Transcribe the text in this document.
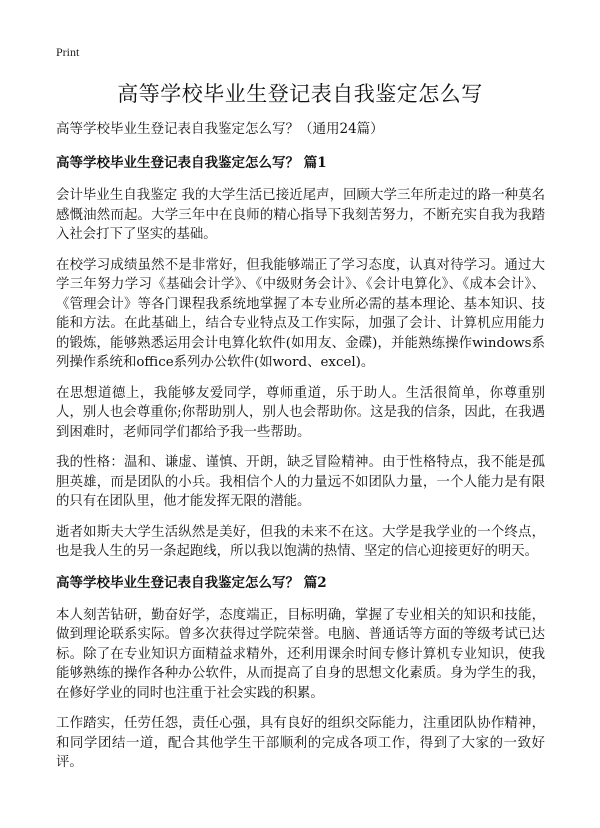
Print
高等学校毕业生登记表自我鉴定怎么写

高等学校毕业生登记表自我鉴定怎么写？（通用24篇）

高等学校毕业生登记表自我鉴定怎么写？ 篇1

会计毕业生自我鉴定 我的大学生活已接近尾声，回顾大学三年所走过的路一种莫名感慨油然而起。大学三年中在良师的精心指导下我刻苦努力，不断充实自我为我踏入社会打下了坚实的基础。

在校学习成绩虽然不是非常好，但我能够端正了学习态度，认真对待学习。通过大学三年努力学习《基础会计学》、《中级财务会计》、《会计电算化》、《成本会计》、《管理会计》等各门课程我系统地掌握了本专业所必需的基本理论、基本知识、技能和方法。在此基础上，结合专业特点及工作实际，加强了会计、计算机应用能力的锻炼，能够熟悉运用会计电算化软件(如用友、金碟)，并能熟练操作windows系列操作系统和office系列办公软件(如word、excel)。

在思想道德上，我能够友爱同学，尊师重道，乐于助人。生活很简单，你尊重别人，别人也会尊重你;你帮助别人，别人也会帮助你。这是我的信条，因此，在我遇到困难时，老师同学们都给予我一些帮助。

我的性格：温和、谦虚、谨慎、开朗，缺乏冒险精神。由于性格特点，我不能是孤胆英雄，而是团队的小兵。我相信个人的力量远不如团队力量，一个人能力是有限的只有在团队里，他才能发挥无限的潜能。

逝者如斯夫大学生活纵然是美好，但我的未来不在这。大学是我学业的一个终点，也是我人生的另一条起跑线，所以我以饱满的热情、坚定的信心迎接更好的明天。

高等学校毕业生登记表自我鉴定怎么写？ 篇2

本人刻苦钻研，勤奋好学，态度端正，目标明确，掌握了专业相关的知识和技能，做到理论联系实际。曾多次获得过学院荣誉。电脑、普通话等方面的等级考试已达标。除了在专业知识方面精益求精外，还利用课余时间专修计算机专业知识，使我能够熟练的操作各种办公软件，从而提高了自身的思想文化素质。身为学生的我，在修好学业的同时也注重于社会实践的积累。

工作踏实，任劳任怨，责任心强，具有良好的组织交际能力，注重团队协作精神，和同学团结一道，配合其他学生干部顺利的完成各项工作，得到了大家的一致好评。
